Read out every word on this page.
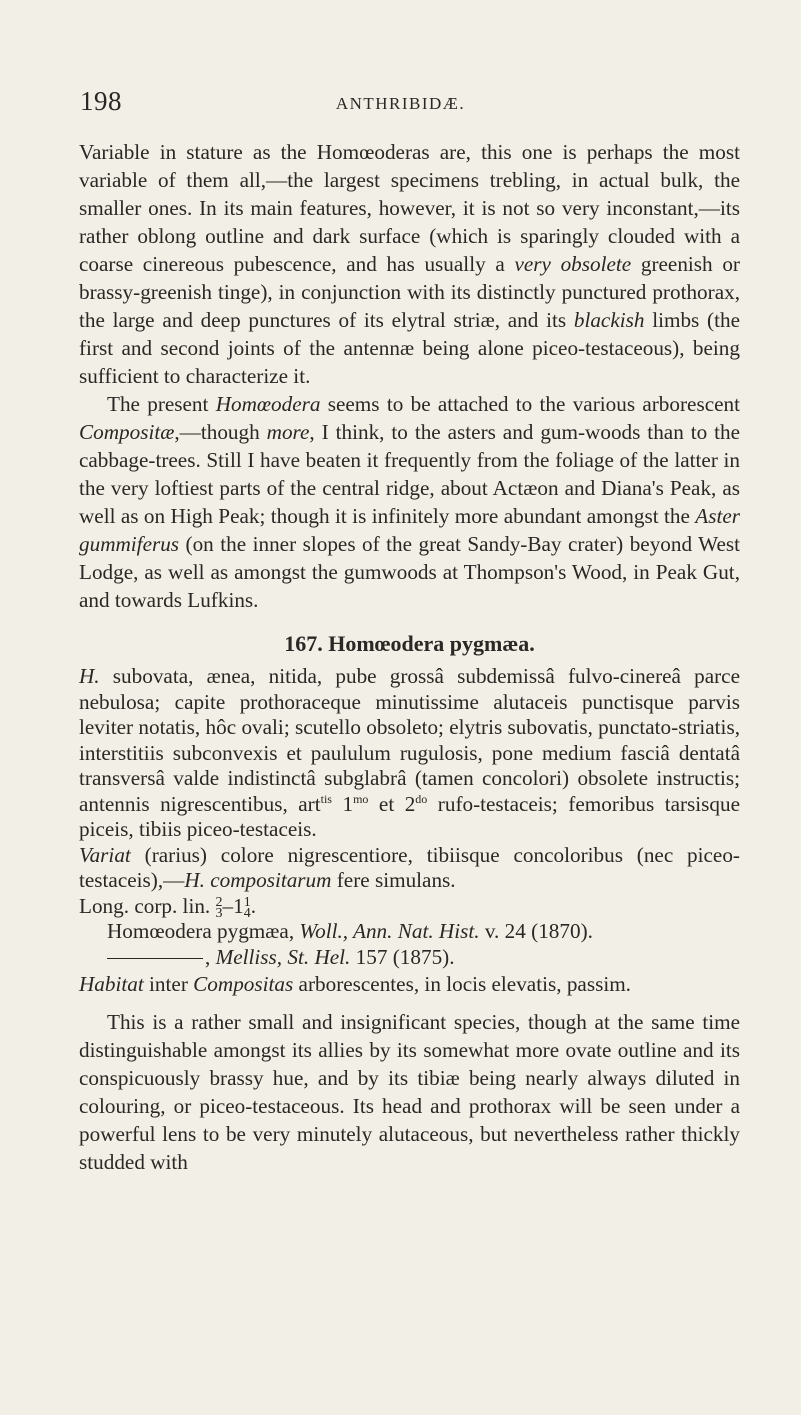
198	ANTHRIBIDÆ.

Variable in stature as the Homœoderas are, this one is perhaps the most variable of them all,—the largest specimens trebling, in actual bulk, the smaller ones. In its main features, however, it is not so very inconstant,—its rather oblong outline and dark surface (which is sparingly clouded with a coarse cinereous pubescence, and has usually a very obsolete greenish or brassy-greenish tinge), in conjunction with its distinctly punctured prothorax, the large and deep punctures of its elytral striæ, and its blackish limbs (the first and second joints of the antennæ being alone piceo-testaceous), being sufficient to characterize it.

The present Homœodera seems to be attached to the various arborescent Compositæ,—though more, I think, to the asters and gum-woods than to the cabbage-trees. Still I have beaten it frequently from the foliage of the latter in the very loftiest parts of the central ridge, about Actæon and Diana's Peak, as well as on High Peak; though it is infinitely more abundant amongst the Aster gummiferus (on the inner slopes of the great Sandy-Bay crater) beyond West Lodge, as well as amongst the gumwoods at Thompson's Wood, in Peak Gut, and towards Lufkins.

167. Homœodera pygmæa.

H. subovata, ænea, nitida, pube grossâ subdemissâ fulvo-cinereâ parce nebulosa; capite prothoraceque minutissime alutaceis punctisque parvis leviter notatis, hôc ovali; scutello obsoleto; elytris subovatis, punctato-striatis, interstitiis subconvexis et paululum rugulosis, pone medium fasciâ dentatâ transversâ valde indistinctâ subglabrâ (tamen concolori) obsolete instructis; antennis nigrescentibus, art$^{tis}$ $1^{mo}$ et $2^{do}$ rufo-testaceis; femoribus tarsisque piceis, tibiis piceo-testaceis.

Variat (rarius) colore nigrescentiore, tibiisque concoloribus (nec piceo-testaceis),—H. compositarum fere simulans.

Long. corp. lin. 2
3 –1 1
4 .

Homœodera pygmæa, Woll., Ann. Nat. Hist. v. 24 (1870).

, Melliss, St. Hel. 157 (1875).

Habitat inter Compositas arborescentes, in locis elevatis, passim.

This is a rather small and insignificant species, though at the same time distinguishable amongst its allies by its somewhat more ovate outline and its conspicuously brassy hue, and by its tibiæ being nearly always diluted in colouring, or piceo-testaceous. Its head and prothorax will be seen under a powerful lens to be very minutely alutaceous, but nevertheless rather thickly studded with
